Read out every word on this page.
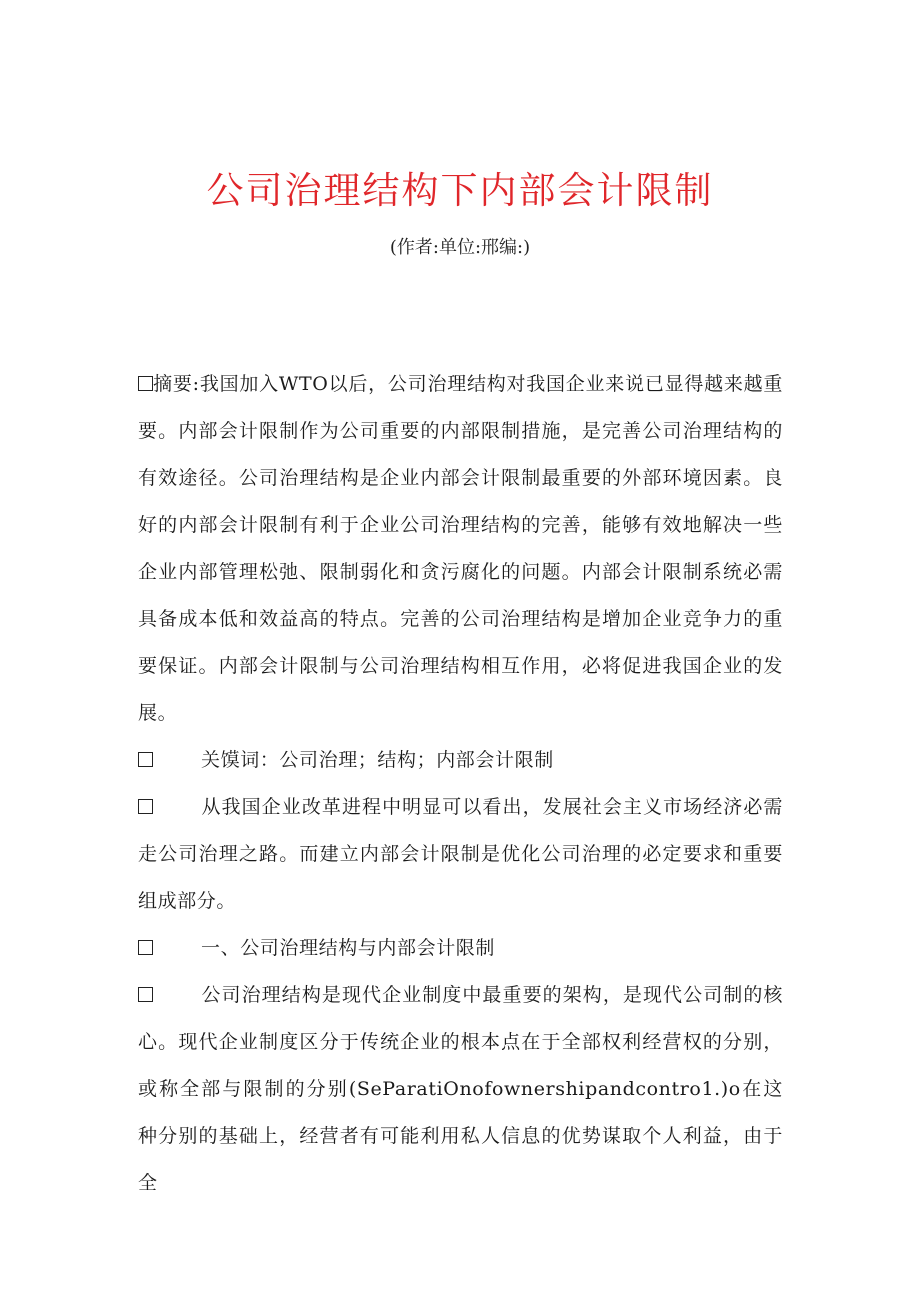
公司治理结构下内部会计限制
(作者:单位:邢编:)

摘要:我国加入WTO以后，公司治理结构对我国企业来说已显得越来越重要。内部会计限制作为公司重要的内部限制措施，是完善公司治理结构的有效途径。公司治理结构是企业内部会计限制最重要的外部环境因素。良好的内部会计限制有利于企业公司治理结构的完善，能够有效地解决一些企业内部管理松弛、限制弱化和贪污腐化的问题。内部会计限制系统必需具备成本低和效益高的特点。完善的公司治理结构是增加企业竞争力的重要保证。内部会计限制与公司治理结构相互作用，必将促进我国企业的发展。

关馍词：公司治理；结构；内部会计限制

从我国企业改革进程中明显可以看出，发展社会主义市场经济必需走公司治理之路。而建立内部会计限制是优化公司治理的必定要求和重要组成部分。

一、公司治理结构与内部会计限制

公司治理结构是现代企业制度中最重要的架构，是现代公司制的核心。现代企业制度区分于传统企业的根本点在于全部权利经营权的分别，或称全部与限制的分别(SeParatiOnofownershipandcontro1.)o在这种分别的基础上，经营者有可能利用私人信息的优势谋取个人利益，由于全
